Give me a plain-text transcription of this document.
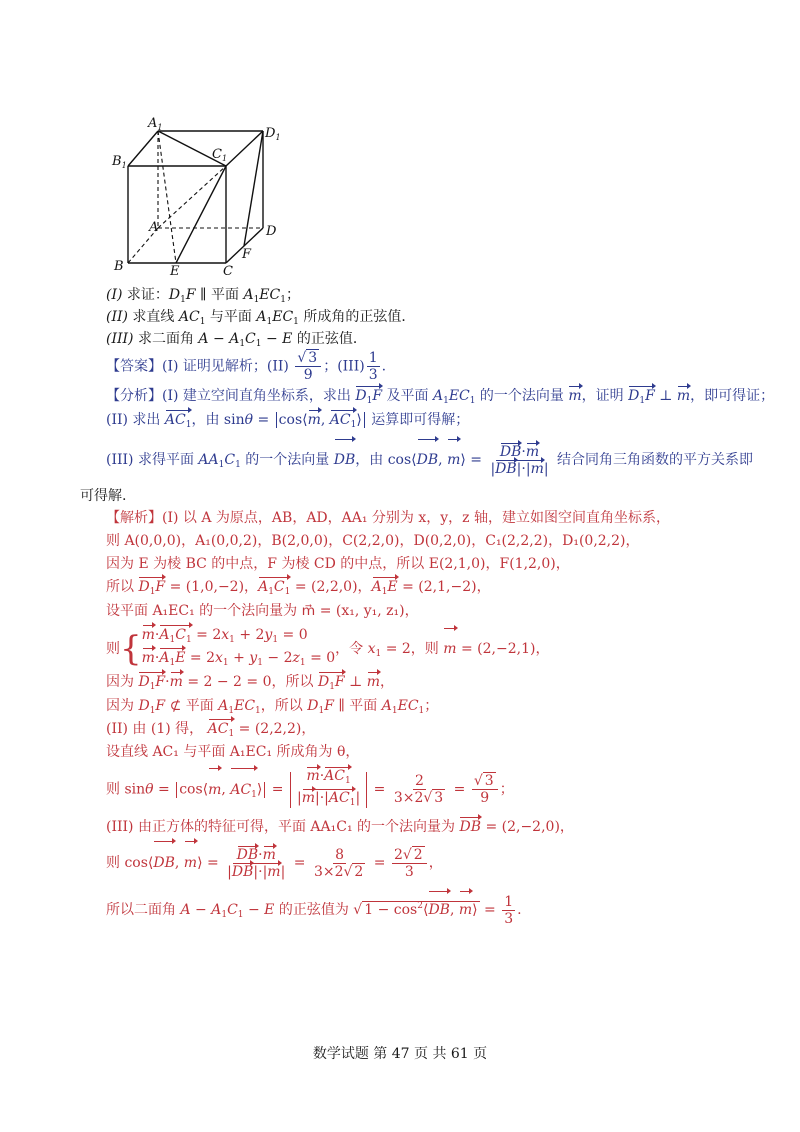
$A_1$	$D_1$
$B_1$
$C_1$
A	D
B	C
E
F
(I) 求证：$D_1F$ ∥ 平面 $A_1EC_1$；
(II) 求直线 $AC_1$ 与平面 $A_1EC_1$ 所成角的正弦值．
(III) 求二面角 $A - A_1C_1 - E$ 的正弦值．
【答案】(I) 证明见解析；$(II) \frac{√ 3}{9}$ ；$(III) \frac{1}{3}$ .
【分析】(I) 建立空间直角坐标系，求出 $D_1F$ 及平面 $A_1EC_1$ 的一个法向量 m，证明 $D_1F$ ⊥ m，即可得证；
(II) 求出 $AC_1$，由 sinθ = cos⟨m, $AC_1⟩$ 运算即可得解；
(III) 求得平面 $AA_1C_1$ 的一个法向量 DB，由 cos⟨DB, m⟩ = $\frac{DB\cdot m}{|DB|\cdot|m|}$ 结合同角三角函数的平方关系即
可得解.
【解析】(I) 以 A 为原点，AB，AD，AA₁ 分别为 x，y，z 轴，建立如图空间直角坐标系，
则 A(0,0,0)，A₁(0,0,2)，B(2,0,0)，C(2,2,0)，D(0,2,0)，C₁(2,2,2)，D₁(0,2,2)，
因为 E 为棱 BC 的中点，F 为棱 CD 的中点，所以 E(2,1,0)，F(1,2,0)，
所以 $D_1F = (1,0,-2)$，$A_1C_1 = (2,2,0)$，$A_1E = (2,1,-2)$，
设平面 A₁EC₁ 的一个法向量为 m⃗ = (x₁, y₁, z₁)，
则{ $m\cdot A_1C_1 = 2x_1 + 2y_1 = 0$
$m\cdot A_1E = 2x_1 + y_1 - 2z_1 = 0$
，令 $x_1 = 2$，则 m = (2,−2,1)，
因为 $D_1F\cdot m = 2 - 2 = 0$，所以 $D_1F$ ⊥ m，
因为 $D_1F$ ⊄ 平面 $A_1EC_1$，所以 $D_1F$ ∥ 平面 $A_1EC_1$；
(II) 由 (1) 得， $AC_1 = (2,2,2)$，
设直线 AC₁ 与平面 A₁EC₁ 所成角为 θ，
则 sinθ = cos⟨m, $AC_1⟩ = \frac{m\cdot AC_1}{|m|\cdot|AC_1|} = \frac{2}{3\times 2√ 3} = \frac{√ 3}{9}$ ；
(III) 由正方体的特征可得，平面 AA₁C₁ 的一个法向量为 DB = (2,−2,0)，
则 cos⟨DB, m⟩ = $\frac{DB\cdot m}{|DB|\cdot|m|} = \frac{8}{3\times 2√ 2} = \frac{2√ 2}{3}$ ，
所以二面角 $A - A_1C_1 - E$ 的正弦值为 √ $1 - \cos^2⟨DB$, m⟩ = $\frac{1}{3}$ .
数学试题 第 47 页 共 61 页
